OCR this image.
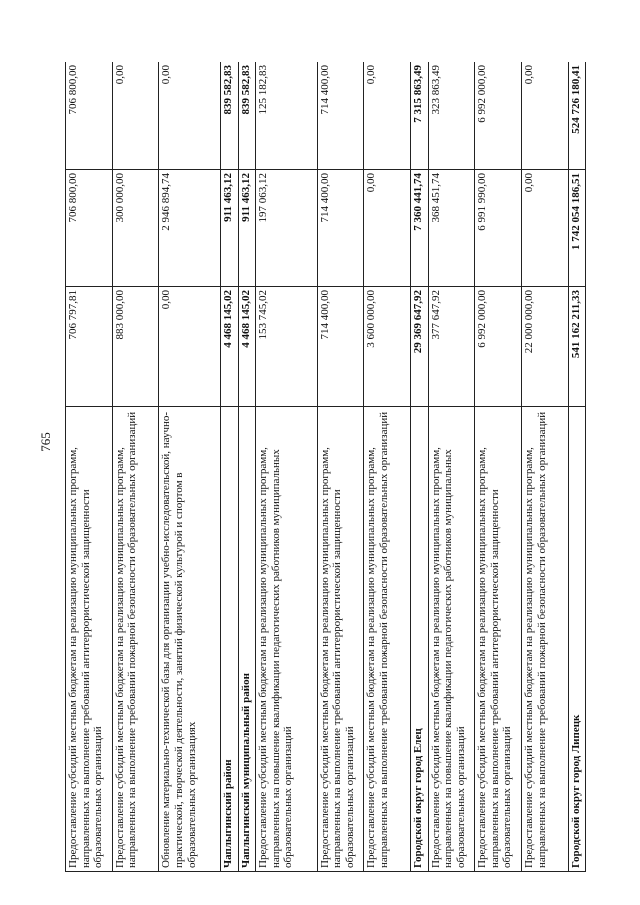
765
Предоставление субсидий местным бюджетам на реализацию муниципальных программ, направленных на выполнение требований антитеррористической защищенности образовательных организаций	706 797,81	706 800,00	706 800,00
Предоставление субсидий местным бюджетам на реализацию муниципальных программ, направленных на выполнение требований пожарной безопасности образовательных организаций	883 000,00	300 000,00	0,00
Обновление материально-технической базы для организации учебно-исследовательской, научно-практической, творческой деятельности, занятий физической культурой и спортом в образовательных организациях	0,00	2 946 894,74	0,00
Чаплыгинский район	4 468 145,02	911 463,12	839 582,83
Чаплыгинский муниципальный район	4 468 145,02	911 463,12	839 582,83
Предоставление субсидий местным бюджетам на реализацию муниципальных программ, направленных на повышение квалификации педагогических работников муниципальных образовательных организаций	153 745,02	197 063,12	125 182,83
Предоставление субсидий местным бюджетам на реализацию муниципальных программ, направленных на выполнение требований антитеррористической защищенности образовательных организаций	714 400,00	714 400,00	714 400,00
Предоставление субсидий местным бюджетам на реализацию муниципальных программ, направленных на выполнение требований пожарной безопасности образовательных организаций	3 600 000,00	0,00	0,00
Городской округ город Елец	29 369 647,92	7 360 441,74	7 315 863,49
Предоставление субсидий местным бюджетам на реализацию муниципальных программ, направленных на повышение квалификации педагогических работников муниципальных образовательных организаций	377 647,92	368 451,74	323 863,49
Предоставление субсидий местным бюджетам на реализацию муниципальных программ, направленных на выполнение требований антитеррористической защищенности образовательных организаций	6 992 000,00	6 991 990,00	6 992 000,00
Предоставление субсидий местным бюджетам на реализацию муниципальных программ, направленных на выполнение требований пожарной безопасности образовательных организаций	22 000 000,00	0,00	0,00
Городской округ город Липецк	541 162 211,33	1 742 054 186,51	524 726 180,41
